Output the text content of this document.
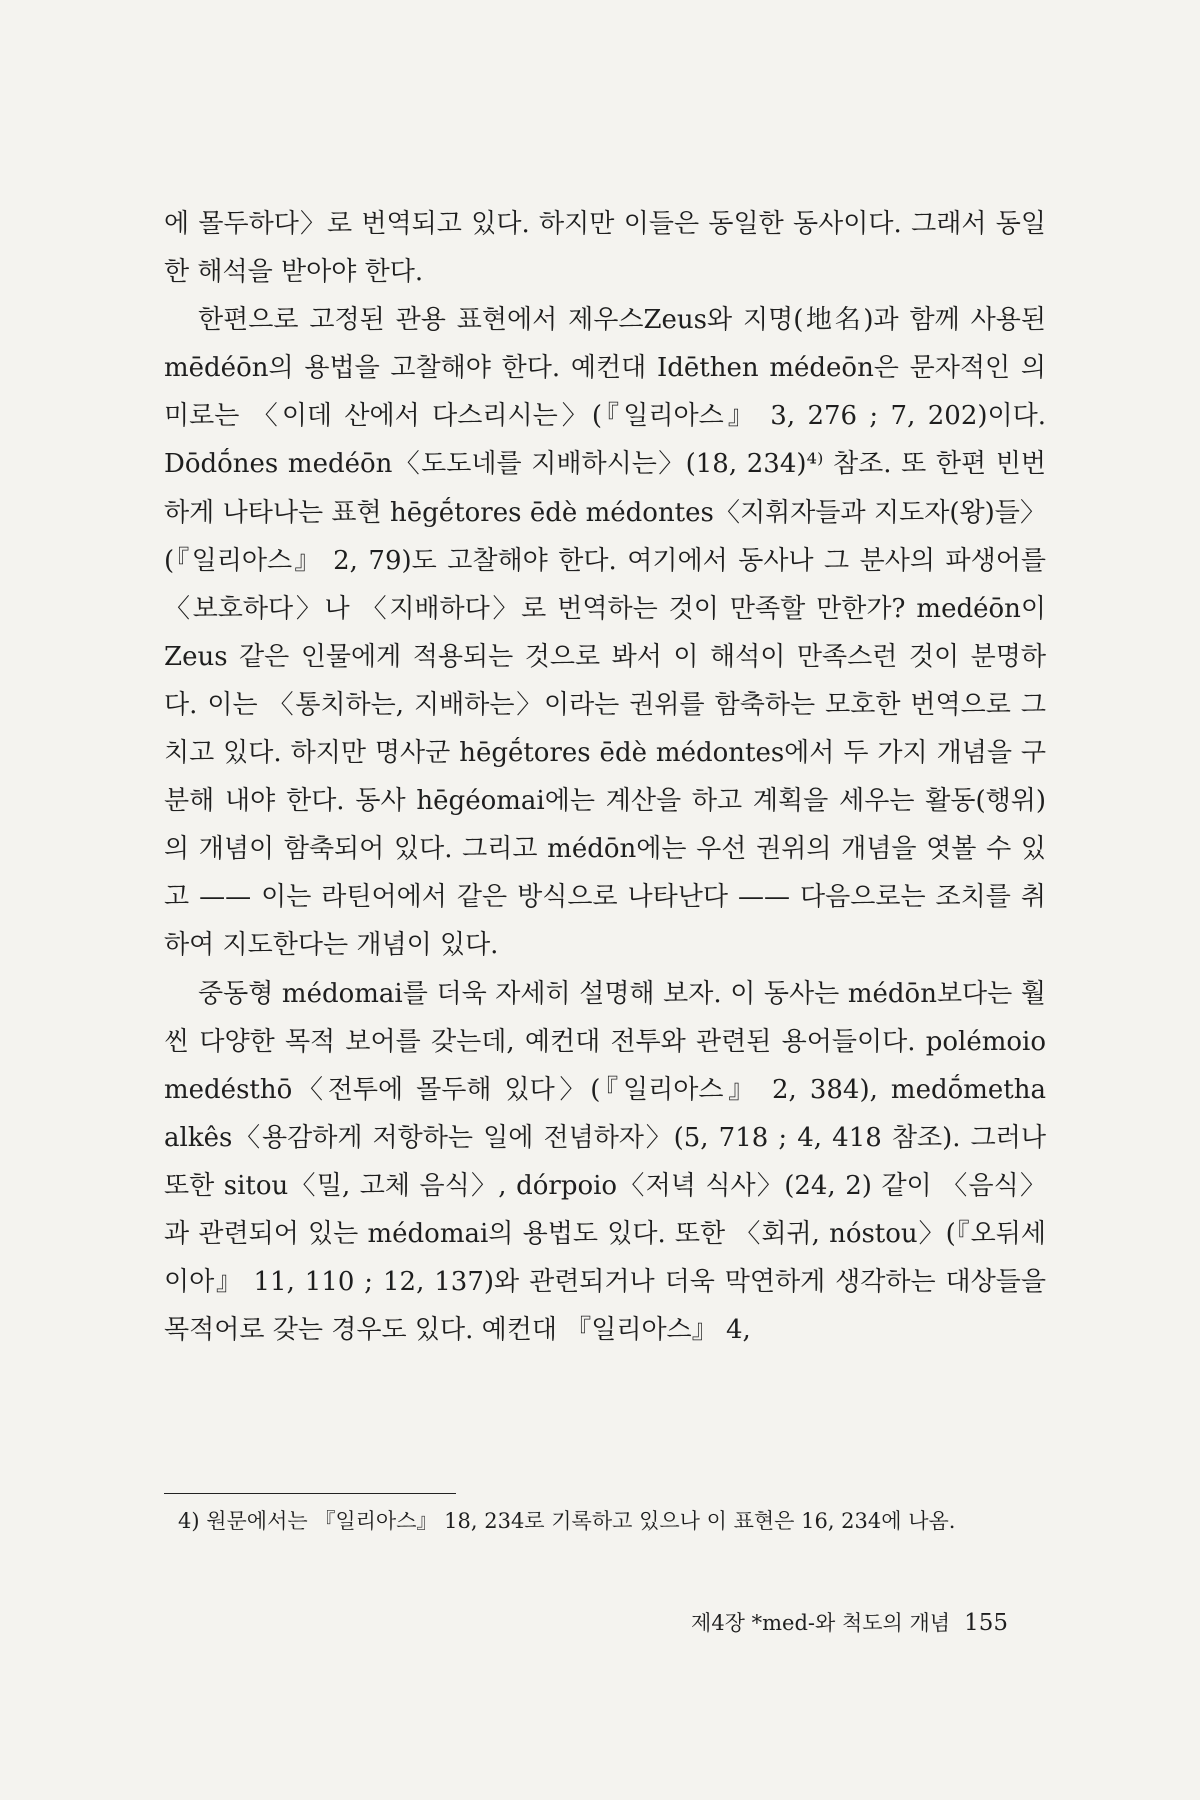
에 몰두하다〉로 번역되고 있다. 하지만 이들은 동일한 동사이다. 그래서 동일한 해석을 받아야 한다.

한편으로 고정된 관용 표현에서 제우스Zeus와 지명(地名)과 함께 사용된 mēdéōn의 용법을 고찰해야 한다. 예컨대 Idēthen médeōn은 문자적인 의미로는 〈이데 산에서 다스리시는〉(『일리아스』 3, 276 ; 7, 202)이다. Dōdṓnes medéōn〈도도네를 지배하시는〉(18, 234)⁴⁾ 참조. 또 한편 빈번하게 나타나는 표현 hēgḗtores ēdè médontes〈지휘자들과 지도자(왕)들〉(『일리아스』 2, 79)도 고찰해야 한다. 여기에서 동사나 그 분사의 파생어를 〈보호하다〉나 〈지배하다〉로 번역하는 것이 만족할 만한가? medéōn이 Zeus 같은 인물에게 적용되는 것으로 봐서 이 해석이 만족스런 것이 분명하다. 이는 〈통치하는, 지배하는〉이라는 권위를 함축하는 모호한 번역으로 그치고 있다. 하지만 명사군 hēgḗtores ēdè médontes에서 두 가지 개념을 구분해 내야 한다. 동사 hēgéomai에는 계산을 하고 계획을 세우는 활동(행위)의 개념이 함축되어 있다. 그리고 médōn에는 우선 권위의 개념을 엿볼 수 있고 —— 이는 라틴어에서 같은 방식으로 나타난다 —— 다음으로는 조치를 취하여 지도한다는 개념이 있다.

중동형 médomai를 더욱 자세히 설명해 보자. 이 동사는 médōn보다는 훨씬 다양한 목적 보어를 갖는데, 예컨대 전투와 관련된 용어들이다. polémoio medésthō〈전투에 몰두해 있다〉(『일리아스』 2, 384), medṓmetha alkês〈용감하게 저항하는 일에 전념하자〉(5, 718 ; 4, 418 참조). 그러나 또한 sitou〈밀, 고체 음식〉, dórpoio〈저녁 식사〉(24, 2) 같이 〈음식〉과 관련되어 있는 médomai의 용법도 있다. 또한 〈회귀, nóstou〉(『오뒤세이아』 11, 110 ; 12, 137)와 관련되거나 더욱 막연하게 생각하는 대상들을 목적어로 갖는 경우도 있다. 예컨대 『일리아스』 4,

4) 원문에서는 『일리아스』 18, 234로 기록하고 있으나 이 표현은 16, 234에 나옴.
제4장 *med-와 척도의 개념 155
